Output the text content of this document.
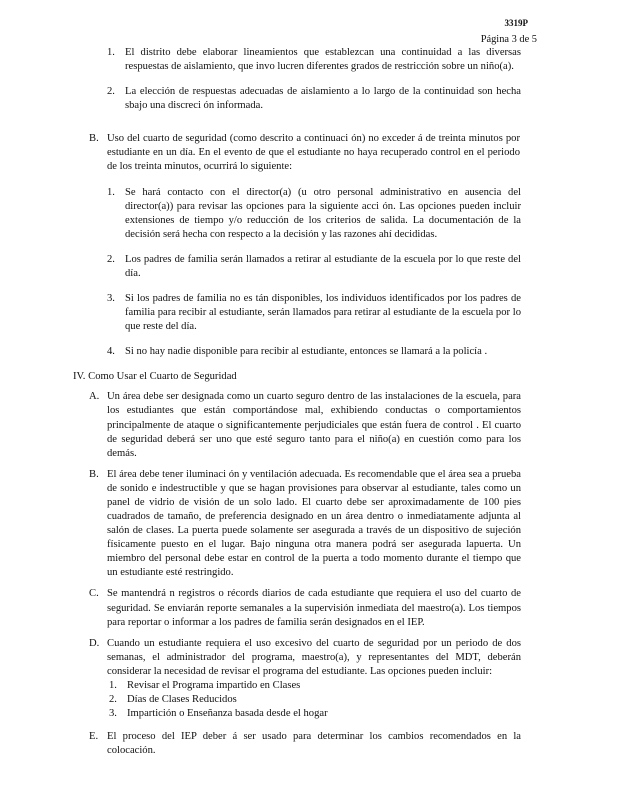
3319P
Página 3 de 5
1. El distrito debe elaborar lineamientos que establezcan una continuidad a las diversas respuestas de aislamiento, que invo lucren diferentes grados de restricción sobre un niño(a).
2. La elección de respuestas adecuadas de aislamiento a lo largo de la continuidad son hecha sbajo una discreci ón informada.
B. Uso del cuarto de seguridad (como descrito a continuaci ón) no exceder á de treinta minutos por estudiante en un día. En el evento de que el estudiante no haya recuperado control en el periodo de los treinta minutos, ocurrirá lo siguiente:
1. Se hará contacto con el director(a) (u otro personal administrativo en ausencia del director(a)) para revisar las opciones para la siguiente acci ón. Las opciones pueden incluir extensiones de tiempo y/o reducción de los criterios de salida. La documentación de la decisión será hecha con respecto a la decisión y las razones ahí decididas.
2. Los padres de familia serán llamados a retirar al estudiante de la escuela por lo que reste del día.
3. Si los padres de familia no es tán disponibles, los individuos identificados por los padres de familia para recibir al estudiante, serán llamados para retirar al estudiante de la escuela por lo que reste del día.
4. Si no hay nadie disponible para recibir al estudiante, entonces se llamará a la policía .
IV. Como Usar el Cuarto de Seguridad
A. Un área debe ser designada como un cuarto seguro dentro de las instalaciones de la escuela, para los estudiantes que están comportándose mal, exhibiendo conductas o comportamientos principalmente de ataque o significantemente perjudiciales que están fuera de control . El cuarto de seguridad deberá ser uno que esté seguro tanto para el niño(a) en cuestión como para los demás.
B. El área debe tener iluminaci ón y ventilación adecuada. Es recomendable que el área sea a prueba de sonido e indestructible y que se hagan provisiones para observar al estudiante, tales como un panel de vidrio de visión de un solo lado. El cuarto debe ser aproximadamente de 100 pies cuadrados de tamaño, de preferencia designado en un área dentro o inmediatamente adjunta al salón de clases. La puerta puede solamente ser asegurada a través de un dispositivo de sujeción físicamente puesto en el lugar. Bajo ninguna otra manera podrá ser asegurada lapuerta. Un miembro del personal debe estar en control de la puerta a todo momento durante el tiempo que un estudiante esté restringido.
C. Se mantendrá n registros o récords diarios de cada estudiante que requiera el uso del cuarto de seguridad. Se enviarán reporte semanales a la supervisión inmediata del maestro(a). Los tiempos para reportar o informar a los padres de familia serán designados en el IEP.
D. Cuando un estudiante requiera el uso excesivo del cuarto de seguridad por un periodo de dos semanas, el administrador del programa, maestro(a), y representantes del MDT, deberán considerar la necesidad de revisar el programa del estudiante. Las opciones pueden incluir:
1. Revisar el Programa impartido en Clases
2. Días de Clases Reducidos
3. Impartición o Enseñanza basada desde el hogar
E. El proceso del IEP deber á ser usado para determinar los cambios recomendados en la colocación.
